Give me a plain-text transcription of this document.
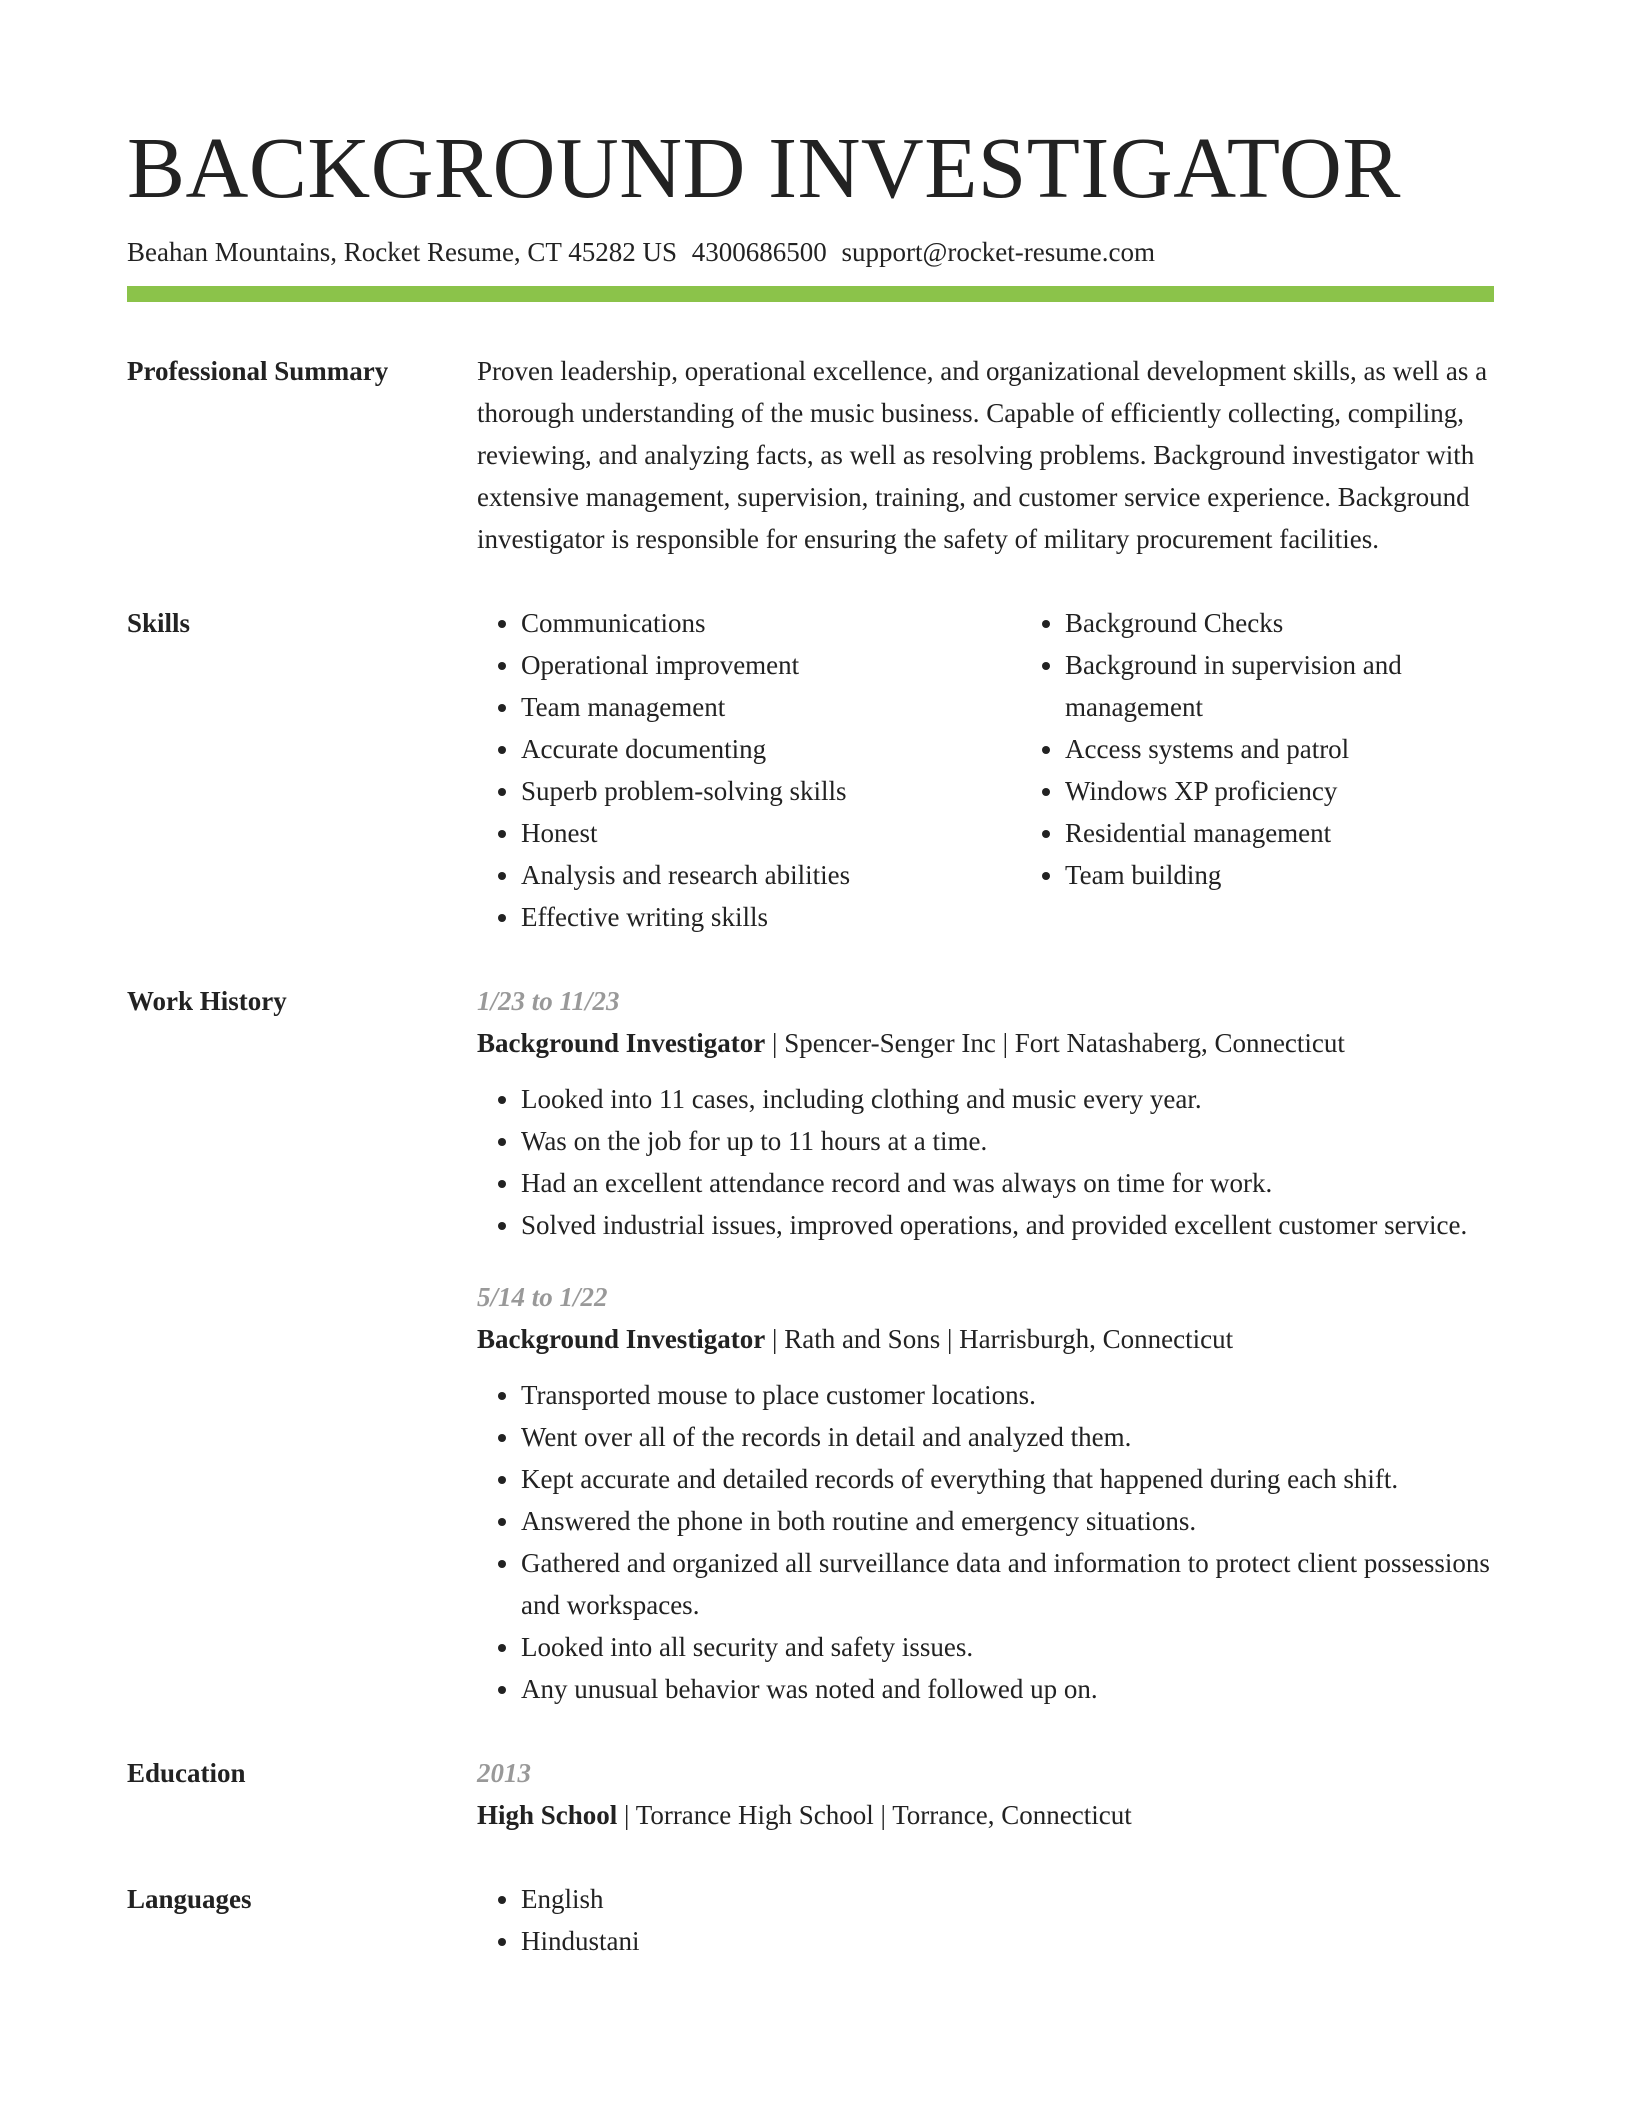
BACKGROUND INVESTIGATOR
Beahan Mountains, Rocket Resume, CT 45282 US 4300686500 support@rocket-resume.com
Professional Summary	Proven leadership, operational excellence, and organizational development skills, as well as a thorough understanding of the music business. Capable of efficiently collecting, compiling, reviewing, and analyzing facts, as well as resolving problems. Background investigator with extensive management, supervision, training, and customer service experience. Background investigator is responsible for ensuring the safety of military procurement facilities.

Skills	• Communications
• Operational improvement
• Team management
• Accurate documenting
• Superb problem-solving skills
• Honest
• Analysis and research abilities
• Effective writing skills
• Background Checks
• Background in supervision and management
• Access systems and patrol
• Windows XP proficiency
• Residential management
• Team building
Work History	1/23 to 11/23
Background Investigator | Spencer-Senger Inc | Fort Natashaberg, Connecticut
• Looked into 11 cases, including clothing and music every year.
• Was on the job for up to 11 hours at a time.
• Had an excellent attendance record and was always on time for work.
• Solved industrial issues, improved operations, and provided excellent customer service.
5/14 to 1/22
Background Investigator | Rath and Sons | Harrisburgh, Connecticut
• Transported mouse to place customer locations.
• Went over all of the records in detail and analyzed them.
• Kept accurate and detailed records of everything that happened during each shift.
• Answered the phone in both routine and emergency situations.
• Gathered and organized all surveillance data and information to protect client possessions and workspaces.
• Looked into all security and safety issues.
• Any unusual behavior was noted and followed up on.
Education	2013
High School | Torrance High School | Torrance, Connecticut
Languages	• English
• Hindustani
